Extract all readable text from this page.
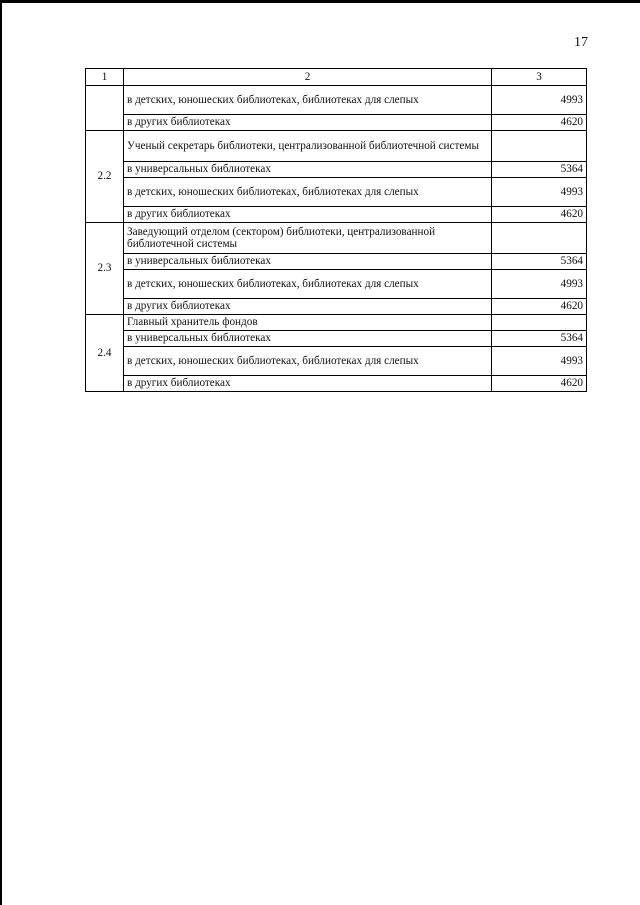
17
1	2	3
	в детских, юношеских библиотеках, библиотеках для слепых	4993
	в других библиотеках	4620
2.2	Ученый секретарь библиотеки, централизованной библиотечной системы	
	в универсальных библиотеках	5364
	в детских, юношеских библиотеках, библиотеках для слепых	4993
	в других библиотеках	4620
2.3	Заведующий отделом (сектором) библиотеки, централизованной библиотечной системы	
	в универсальных библиотеках	5364
	в детских, юношеских библиотеках, библиотеках для слепых	4993
	в других библиотеках	4620
2.4	Главный хранитель фондов	
	в универсальных библиотеках	5364
	в детских, юношеских библиотеках, библиотеках для слепых	4993
	в других библиотеках	4620
